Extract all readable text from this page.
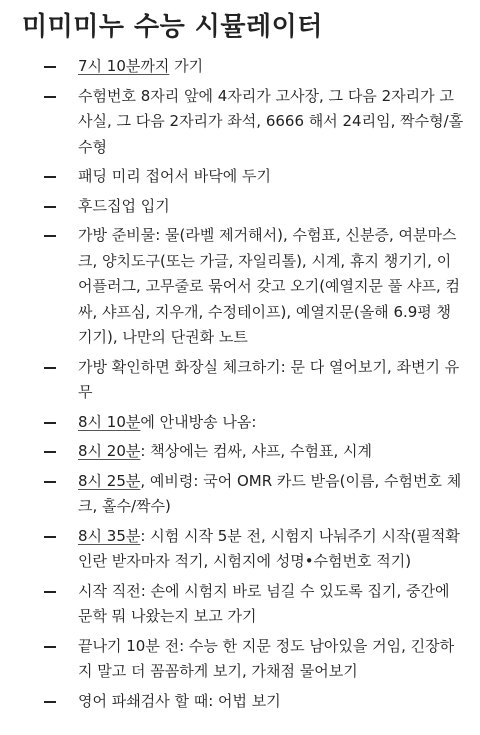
미미미누 수능 시뮬레이터
7시 10분까지 가기
수험번호 8자리 앞에 4자리가 고사장, 그 다음 2자리가 고사실, 그 다음 2자리가 좌석, 6666 해서 24리임, 짝수형/홀수형
패딩 미리 접어서 바닥에 두기
후드집업 입기
가방 준비물: 물(라벨 제거해서), 수험표, 신분증, 여분마스크, 양치도구(또는 가글, 자일리톨), 시계, 휴지 챙기기, 이어플러그, 고무줄로 묶어서 갖고 오기(예열지문 풀 샤프, 컴싸, 샤프심, 지우개, 수정테이프), 예열지문(올해 6.9평 챙기기), 나만의 단권화 노트
가방 확인하면 화장실 체크하기: 문 다 열어보기, 좌변기 유무
8시 10분에 안내방송 나옴:
8시 20분: 책상에는 컴싸, 샤프, 수험표, 시계
8시 25분, 예비령: 국어 OMR 카드 받음(이름, 수험번호 체크, 홀수/짝수)
8시 35분: 시험 시작 5분 전, 시험지 나눠주기 시작(필적확인란 받자마자 적기, 시험지에 성명•수험번호 적기)
시작 직전: 손에 시험지 바로 넘길 수 있도록 집기, 중간에 문학 뭐 나왔는지 보고 가기
끝나기 10분 전: 수능 한 지문 정도 남아있을 거임, 긴장하지 말고 더 꼼꼼하게 보기, 가채점 물어보기
영어 파쇄검사 할 때: 어법 보기
